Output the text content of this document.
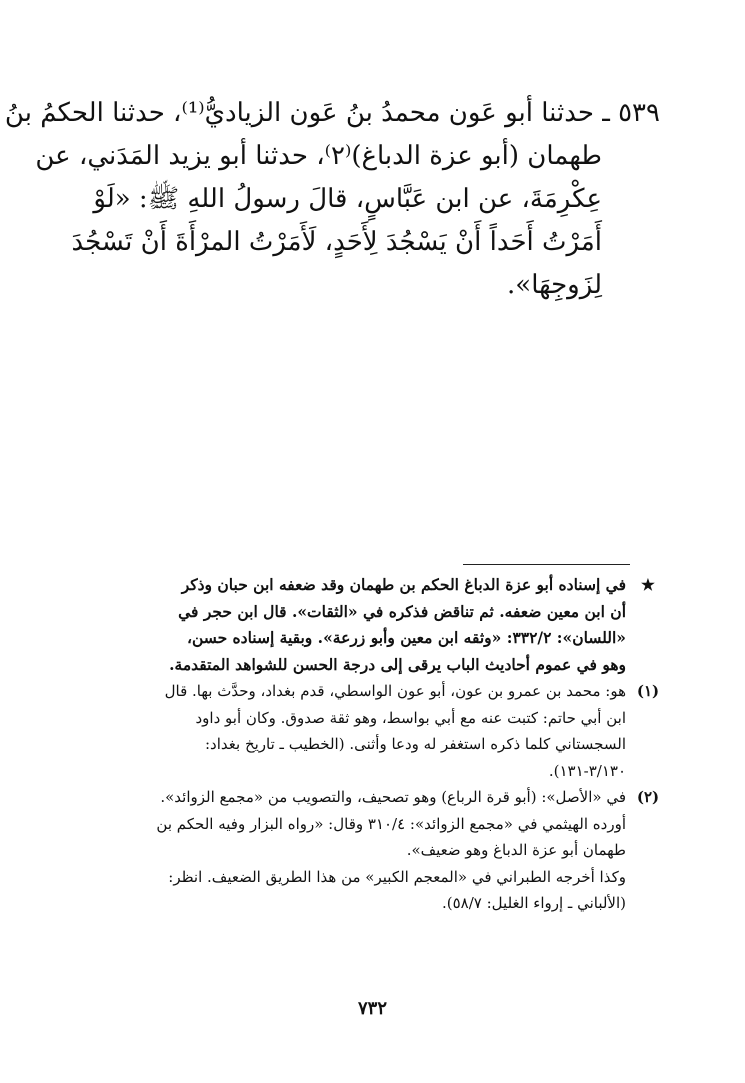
٥٣٩ ـ حدثنا أبو عَون محمدُ بنُ عَون الزياديُّ⁽¹⁾، حدثنا الحكمُ بنُ
طهمان (أبو عزة الدباغ)⁽٢⁾، حدثنا أبو يزيد المَدَني، عن
عِكْرِمَةَ، عن ابن عَبَّاسٍ، قالَ رسولُ اللهِ ﷺ: «لَوْ
أَمَرْتُ أَحَداً أَنْ يَسْجُدَ لِأَحَدٍ، لَأَمَرْتُ المرْأَةَ أَنْ تَسْجُدَ
لِزَوجِهَا».
★
في إسناده أبو عزة الدباغ الحكم بن طهمان وقد ضعفه ابن حبان وذكر
أن ابن معين ضعفه. ثم تناقض فذكره في «الثقات». قال ابن حجر في
«اللسان»: ٣٣٢/٢: «وثقه ابن معين وأبو زرعة». وبقية إسناده حسن،
وهو في عموم أحاديث الباب يرقى إلى درجة الحسن للشواهد المتقدمة.
(١)
هو: محمد بن عمرو بن عون، أبو عون الواسطي، قدم بغداد، وحدَّث بها. قال
ابن أبي حاتم: كتبت عنه مع أبي بواسط، وهو ثقة صدوق. وكان أبو داود
السجستاني كلما ذكره استغفر له ودعا وأثنى. (الخطيب ـ تاريخ بغداد:
٣/١٣٠-١٣١).
(٢)
في «الأصل»: (أبو قرة الرباع) وهو تصحيف، والتصويب من «مجمع الزوائد».
أورده الهيثمي في «مجمع الزوائد»: ٣١٠/٤ وقال: «رواه البزار وفيه الحكم بن
طهمان أبو عزة الدباغ وهو ضعيف».
وكذا أخرجه الطبراني في «المعجم الكبير» من هذا الطريق الضعيف. انظر:
(الألباني ـ إرواء الغليل: ٥٨/٧).
٧٣٢
